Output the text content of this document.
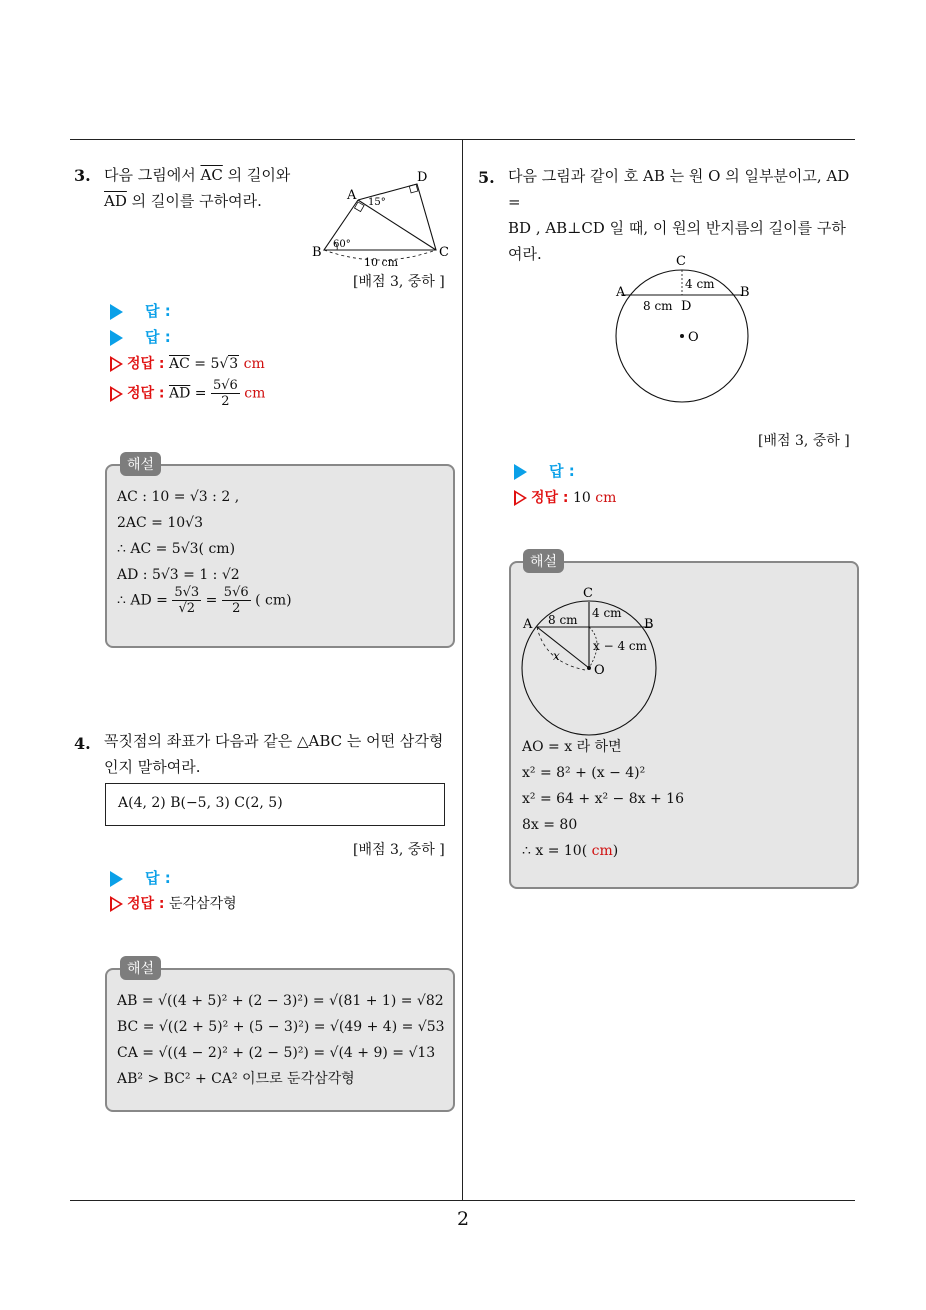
3. 다음 그림에서 $\overline{AC}$ 의 길이와
$\overline{AD}$ 의 길이를 구하여라.	A
D
B	C
15°
60°
10 cm
[배점 3, 중하 ]
답 :
답 :
정답 : $\overline{AC} = 5√3$ cm
정답 : $\overline{AD} = \frac{5√6}{2}$ cm
해설
AC : 10 = √3 : 2 ,
2AC = 10√3
∴ AC = 5√3( cm)
AD : 5√3 = 1 : √2
∴ AD = $\frac{5√3}{√2} = \frac{5√6}{2}$ ( cm)
4. 꼭짓점의 좌표가 다음과 같은 △ABC 는 어떤 삼각형
인지 말하여라.
A(4, 2) B(−5, 3) C(2, 5)
[배점 3, 중하 ]
답 :
정답 : 둔각삼각형
해설
AB = √((4 + 5)² + (2 − 3)²) = √(81 + 1) = √82
BC = √((2 + 5)² + (5 − 3)²) = √(49 + 4) = √53
CA = √((4 − 2)² + (2 − 5)²) = √(4 + 9) = √13
AB² > BC² + CA² 이므로 둔각삼각형
5. 다음 그림과 같이 호 AB 는 원 O 의 일부분이고, AD =
BD , AB⊥CD 일 때, 이 원의 반지름의 길이를 구하
여라.	C
A	B
D
O
8 cm
4 cm
[배점 3, 중하 ]
답 :
정답 : 10 cm
해설
C
A	B
O
8 cm 4 cm
x − 4 cm
x
AO = x 라 하면
x² = 8² + (x − 4)²
x² = 64 + x² − 8x + 16
8x = 80
∴ x = 10( cm)
2
